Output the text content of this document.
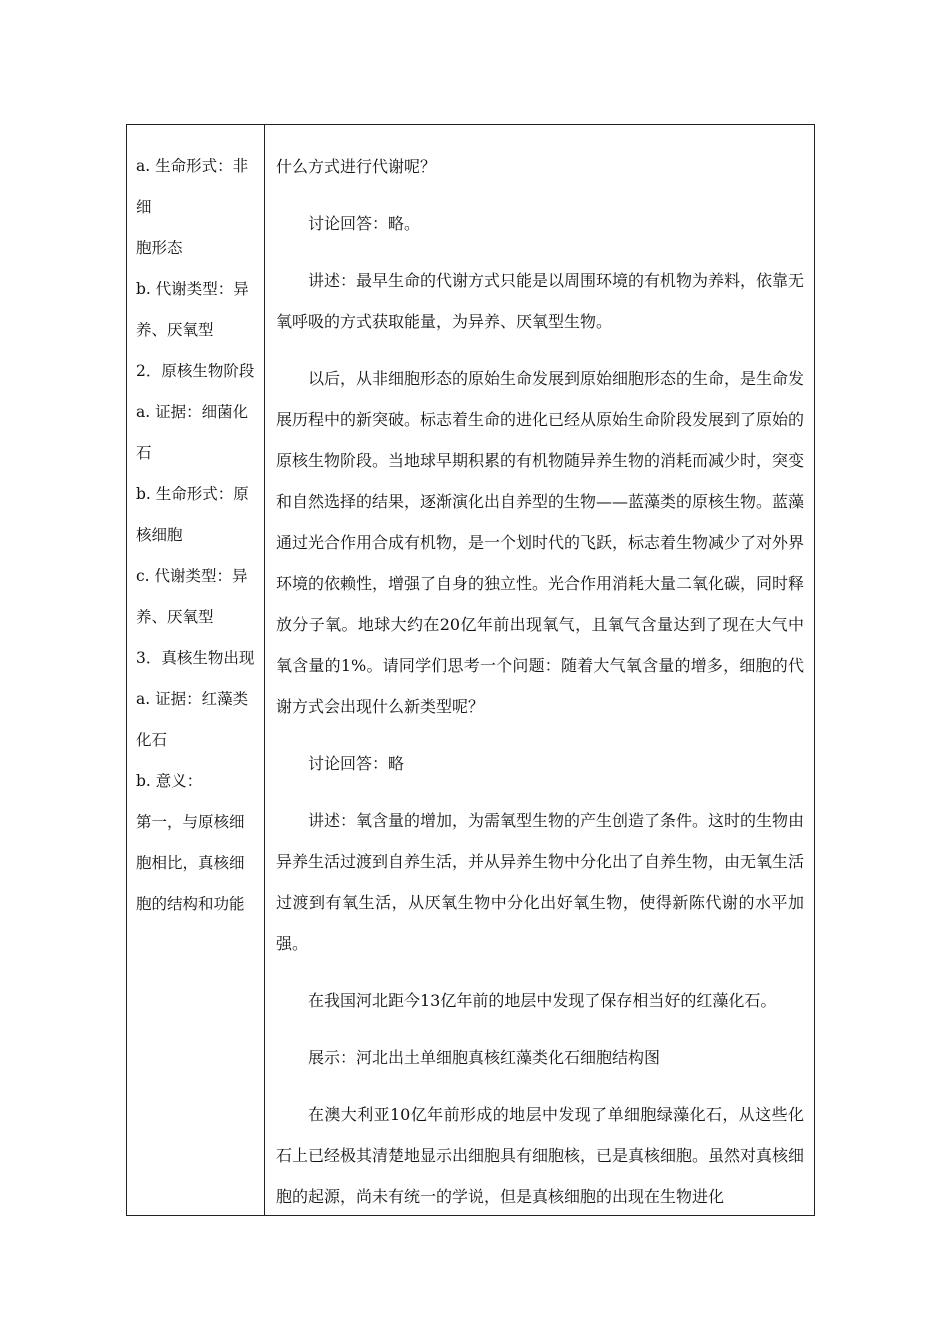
a. 生命形式：非细
胞形态
b. 代谢类型：异养、厌氧型
2．原核生物阶段
a. 证据：细菌化石
b. 生命形式：原核细胞
c. 代谢类型：异养、厌氧型
3．真核生物出现
a. 证据：红藻类化石
b. 意义：
第一，与原核细胞相比，真核细胞的结构和功能

什么方式进行代谢呢？

讨论回答：略。

讲述：最早生命的代谢方式只能是以周围环境的有机物为养料，依靠无氧呼吸的方式获取能量，为异养、厌氧型生物。

以后，从非细胞形态的原始生命发展到原始细胞形态的生命，是生命发展历程中的新突破。标志着生命的进化已经从原始生命阶段发展到了原始的原核生物阶段。当地球早期积累的有机物随异养生物的消耗而减少时，突变和自然选择的结果，逐渐演化出自养型的生物——蓝藻类的原核生物。蓝藻通过光合作用合成有机物，是一个划时代的飞跃，标志着生物减少了对外界环境的依赖性，增强了自身的独立性。光合作用消耗大量二氧化碳，同时释放分子氧。地球大约在20亿年前出现氧气，且氧气含量达到了现在大气中氧含量的1%。请同学们思考一个问题：随着大气氧含量的增多，细胞的代谢方式会出现什么新类型呢？

讨论回答：略

讲述：氧含量的增加，为需氧型生物的产生创造了条件。这时的生物由异养生活过渡到自养生活，并从异养生物中分化出了自养生物，由无氧生活过渡到有氧生活，从厌氧生物中分化出好氧生物，使得新陈代谢的水平加强。

在我国河北距今13亿年前的地层中发现了保存相当好的红藻化石。

展示：河北出土单细胞真核红藻类化石细胞结构图

在澳大利亚10亿年前形成的地层中发现了单细胞绿藻化石，从这些化石上已经极其清楚地显示出细胞具有细胞核，已是真核细胞。虽然对真核细胞的起源，尚未有统一的学说，但是真核细胞的出现在生物进化
